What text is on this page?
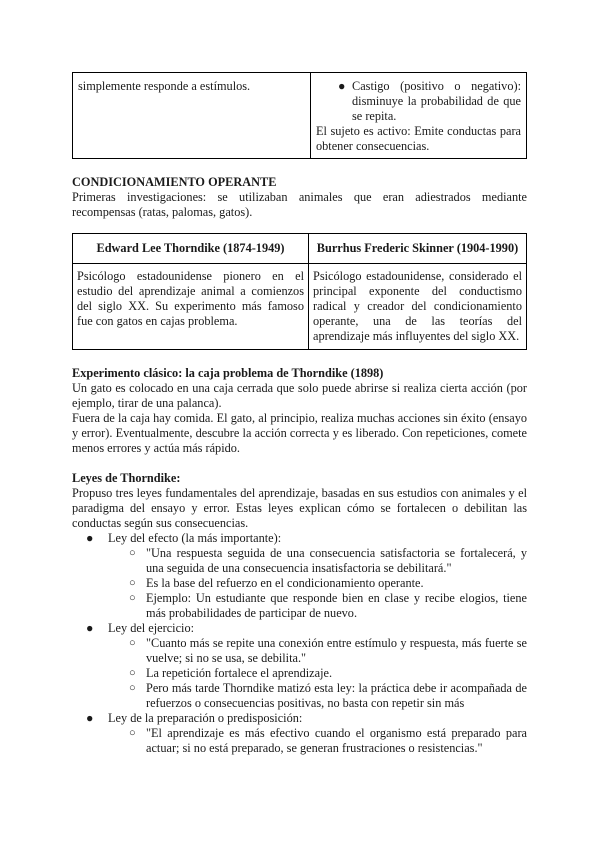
simplemente responde a estímulos.	● Castigo (positivo o negativo): disminuye la probabilidad de que se repita.
El sujeto es activo: Emite conductas para obtener consecuencias.
CONDICIONAMIENTO OPERANTE

Primeras investigaciones: se utilizaban animales que eran adiestrados mediante recompensas (ratas, palomas, gatos).

Edward Lee Thorndike (1874-1949)	Burrhus Frederic Skinner (1904-1990)
Psicólogo estadounidense pionero en el estudio del aprendizaje animal a comienzos del siglo XX. Su experimento más famoso fue con gatos en cajas problema.	Psicólogo estadounidense, considerado el principal exponente del conductismo radical y creador del condicionamiento operante, una de las teorías del aprendizaje más influyentes del siglo XX.
Experimento clásico: la caja problema de Thorndike (1898)

Un gato es colocado en una caja cerrada que solo puede abrirse si realiza cierta acción (por ejemplo, tirar de una palanca).

Fuera de la caja hay comida. El gato, al principio, realiza muchas acciones sin éxito (ensayo y error). Eventualmente, descubre la acción correcta y es liberado. Con repeticiones, comete menos errores y actúa más rápido.

Leyes de Thorndike:

Propuso tres leyes fundamentales del aprendizaje, basadas en sus estudios con animales y el paradigma del ensayo y error. Estas leyes explican cómo se fortalecen o debilitan las conductas según sus consecuencias.

● Ley del efecto (la más importante):
○ "Una respuesta seguida de una consecuencia satisfactoria se fortalecerá, y una seguida de una consecuencia insatisfactoria se debilitará."
○ Es la base del refuerzo en el condicionamiento operante.
○ Ejemplo: Un estudiante que responde bien en clase y recibe elogios, tiene más probabilidades de participar de nuevo.
● Ley del ejercicio:
○ "Cuanto más se repite una conexión entre estímulo y respuesta, más fuerte se vuelve; si no se usa, se debilita."
○ La repetición fortalece el aprendizaje.
○ Pero más tarde Thorndike matizó esta ley: la práctica debe ir acompañada de refuerzos o consecuencias positivas, no basta con repetir sin más
● Ley de la preparación o predisposición:
○ "El aprendizaje es más efectivo cuando el organismo está preparado para actuar; si no está preparado, se generan frustraciones o resistencias."
